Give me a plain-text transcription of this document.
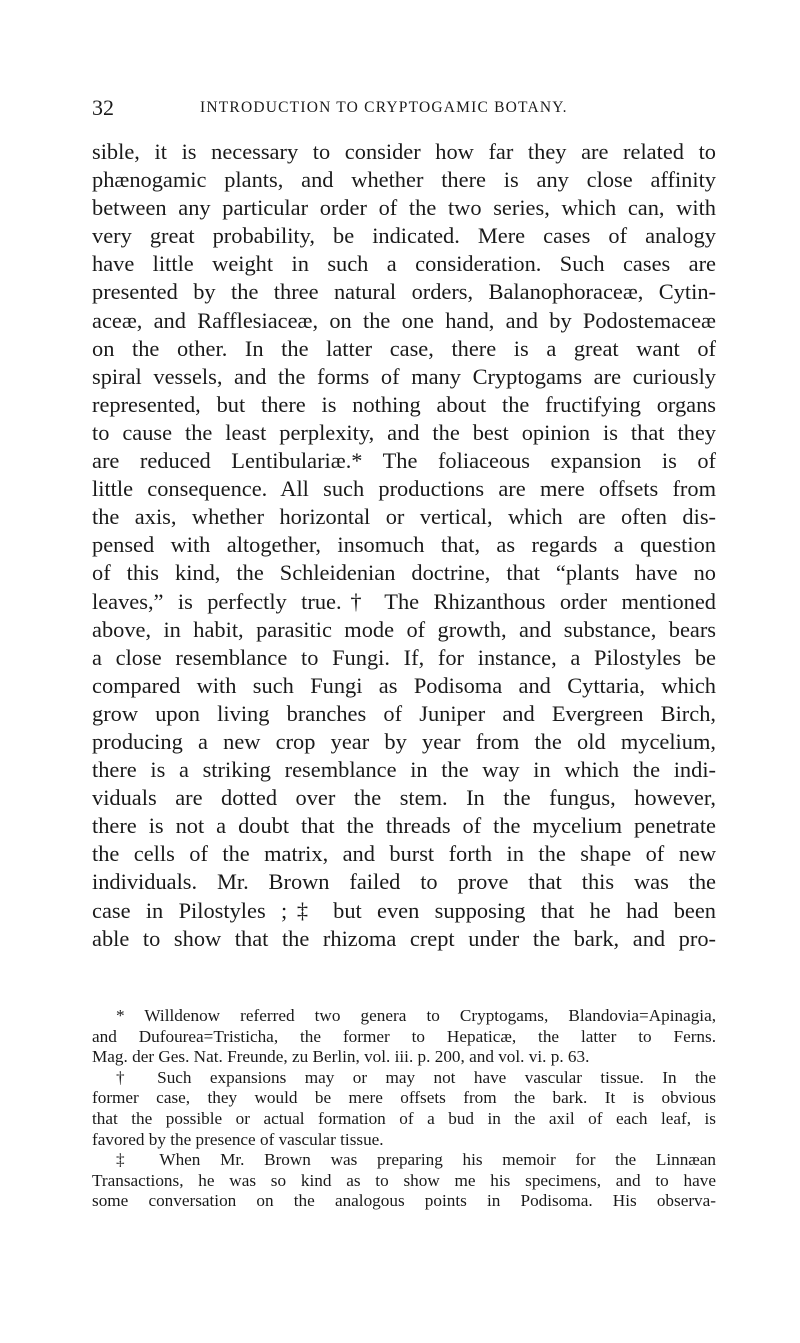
32	INTRODUCTION TO CRYPTOGAMIC BOTANY.
sible, it is necessary to consider how far they are related to
phænogamic plants, and whether there is any close affinity
between any particular order of the two series, which can, with
very great probability, be indicated. Mere cases of analogy
have little weight in such a consideration. Such cases are
presented by the three natural orders, Balanophoraceæ, Cytin-
aceæ, and Rafflesiaceæ, on the one hand, and by Podostemaceæ
on the other. In the latter case, there is a great want of
spiral vessels, and the forms of many Cryptogams are curiously
represented, but there is nothing about the fructifying organs
to cause the least perplexity, and the best opinion is that they
are reduced Lentibulariæ.* The foliaceous expansion is of
little consequence. All such productions are mere offsets from
the axis, whether horizontal or vertical, which are often dis-
pensed with altogether, insomuch that, as regards a question
of this kind, the Schleidenian doctrine, that “plants have no
leaves,” is perfectly true.† The Rhizanthous order mentioned
above, in habit, parasitic mode of growth, and substance, bears
a close resemblance to Fungi. If, for instance, a Pilostyles be
compared with such Fungi as Podisoma and Cyttaria, which
grow upon living branches of Juniper and Evergreen Birch,
producing a new crop year by year from the old mycelium,
there is a striking resemblance in the way in which the indi-
viduals are dotted over the stem. In the fungus, however,
there is not a doubt that the threads of the mycelium penetrate
the cells of the matrix, and burst forth in the shape of new
individuals. Mr. Brown failed to prove that this was the
case in Pilostyles ;‡ but even supposing that he had been
able to show that the rhizoma crept under the bark, and pro-
* Willdenow referred two genera to Cryptogams, Blandovia=Apinagia,
and Dufourea=Tristicha, the former to Hepaticæ, the latter to Ferns.
Mag. der Ges. Nat. Freunde, zu Berlin, vol. iii. p. 200, and vol. vi. p. 63.
† Such expansions may or may not have vascular tissue. In the
former case, they would be mere offsets from the bark. It is obvious
that the possible or actual formation of a bud in the axil of each leaf, is
favored by the presence of vascular tissue.
‡ When Mr. Brown was preparing his memoir for the Linnæan
Transactions, he was so kind as to show me his specimens, and to have
some conversation on the analogous points in Podisoma. His observa-
